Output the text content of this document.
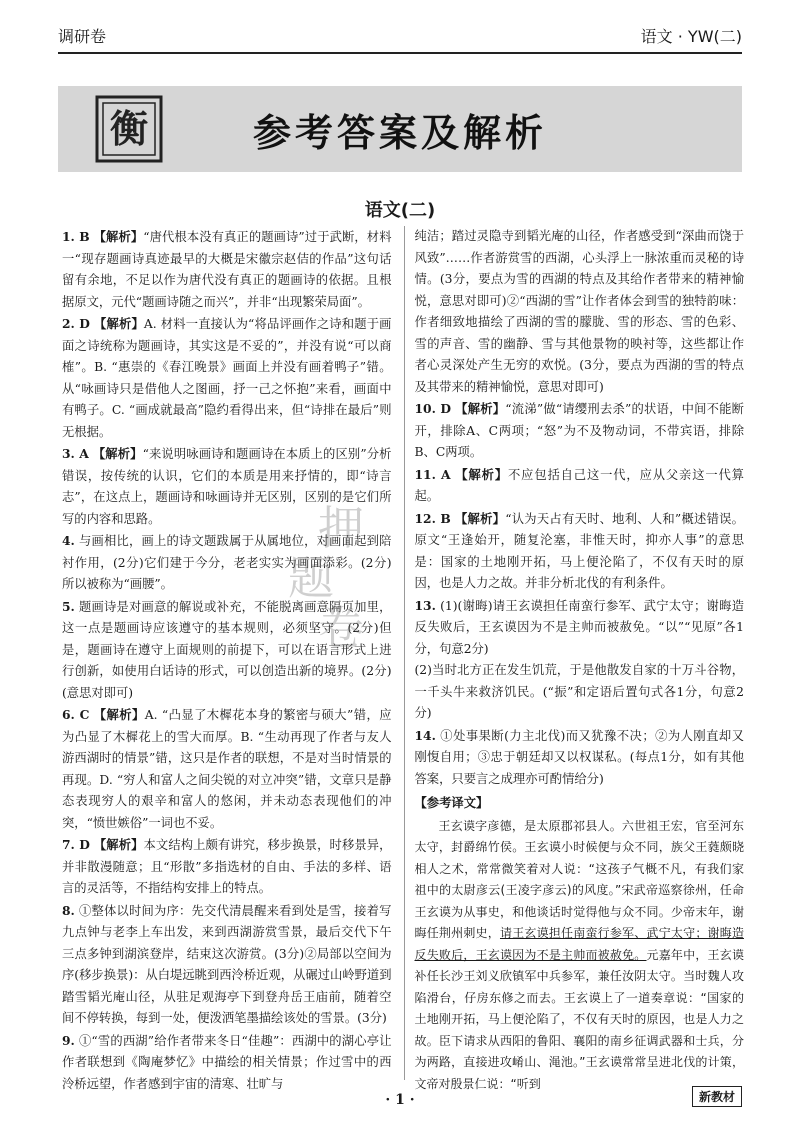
调研卷	语文 · YW(二)
衡	参考答案及解析
语文(二)

1. B 【解析】“唐代根本没有真正的题画诗”过于武断，材料一“现存题画诗真迹最早的大概是宋徽宗赵佶的作品”这句话留有余地，不足以作为唐代没有真正的题画诗的依据。且根据原文，元代“题画诗随之而兴”，并非“出现繁荣局面”。

2. D 【解析】A. 材料一直接认为“将品评画作之诗和题于画面之诗统称为题画诗，其实这是不妥的”，并没有说“可以商榷”。B. “惠崇的《春江晚景》画面上并没有画着鸭子”错。从“咏画诗只是借他人之图画，抒一己之怀抱”来看，画面中有鸭子。C. “画成就最高”隐约看得出来，但“诗排在最后”则无根据。

3. A 【解析】“来说明咏画诗和题画诗在本质上的区别”分析错误，按传统的认识，它们的本质是用来抒情的，即“诗言志”，在这点上，题画诗和咏画诗并无区别，区别的是它们所写的内容和思路。

4. 与画相比，画上的诗文题跋属于从属地位，对画面起到陪衬作用，(2分)它们建于今分，老老实实为画面添彩。(2分)所以被称为“画腰”。

5. 题画诗是对画意的解说或补充，不能脱离画意隔页加里，这一点是题画诗应该遵守的基本规则，必须坚守。(2分)但是，题画诗在遵守上面规则的前提下，可以在语言形式上进行创新，如使用白话诗的形式，可以创造出新的境界。(2分)(意思对即可)

6. C 【解析】A. “凸显了木樨花本身的繁密与硕大”错，应为凸显了木樨花上的雪大而厚。B. “生动再现了作者与友人游西湖时的情景”错，这只是作者的联想，不是对当时情景的再现。D. “穷人和富人之间尖锐的对立冲突”错，文章只是静态表现穷人的艰辛和富人的悠闲，并未动态表现他们的冲突，“愤世嫉俗”一词也不妥。

7. D 【解析】本文结构上颇有讲究，移步换景，时移景异，并非散漫随意；且“形散”多指选材的自由、手法的多样、语言的灵活等，不指结构安排上的特点。

8. ①整体以时间为序：先交代清晨醒来看到处是雪，接着写九点钟与老李上车出发，来到西湖游赏雪景，最后交代下午三点多钟到湖滨登岸，结束这次游赏。(3分)②局部以空间为序(移步换景)：从白堤远眺到西泠桥近观，从碾过山岭野道到踏雪韬光庵山径，从驻足观海亭下到登舟岳王庙前，随着空间不停转换，每到一处，便泼洒笔墨描绘该处的雪景。(3分)

9. ①“雪的西湖”给作者带来冬日“佳趣”：西湖中的湖心亭让作者联想到《陶庵梦忆》中描绘的相关情景；作过雪中的西泠桥远望，作者感到宇宙的清寒、壮旷与

纯洁；踏过灵隐寺到韬光庵的山径，作者感受到“深曲而饶于风致”……作者游赏雪的西湖，心头浮上一脉浓重而灵秘的诗情。(3分，要点为雪的西湖的特点及其给作者带来的精神愉悦，意思对即可)②“西湖的雪”让作者体会到雪的独特韵味：作者细致地描绘了西湖的雪的朦胧、雪的形态、雪的色彩、雪的声音、雪的幽静、雪与其他景物的映衬等，这些都让作者心灵深处产生无穷的欢悦。(3分，要点为西湖的雪的特点及其带来的精神愉悦，意思对即可)

10. D 【解析】“流涕”做“请缨刑去杀”的状语，中间不能断开，排除A、C两项；“怒”为不及物动词，不带宾语，排除B、C两项。

11. A 【解析】不应包括自己这一代，应从父亲这一代算起。

12. B 【解析】“认为天占有天时、地利、人和”概述错误。原文“王逢始开，随复沦塞，非惟天时，抑亦人事”的意思是：国家的土地刚开拓，马上便沦陷了，不仅有天时的原因，也是人力之故。并非分析北伐的有利条件。

13. (1)(谢晦)请王玄谟担任南蛮行参军、武宁太守；谢晦造反失败后，王玄谟因为不是主帅而被赦免。“以”“见原”各1分，句意2分)

(2)当时北方正在发生饥荒，于是他散发自家的十万斗谷物，一千头牛来救济饥民。(“振”和定语后置句式各1分，句意2分)

14. ①处事果断(力主北伐)而又犹豫不决；②为人刚直却又刚愎自用；③忠于朝廷却又以权谋私。(每点1分，如有其他答案，只要言之成理亦可酌情给分)

【参考译文】

王玄谟字彦德，是太原郡祁县人。六世祖王宏，官至河东太守，封爵绵竹侯。王玄谟小时候便与众不同，族父王蕤颇晓相人之术，常常微笑着对人说：“这孩子气概不凡，有我们家祖中的太尉彦云(王凌字彦云)的风度。”宋武帝巡察徐州，任命王玄谟为从事史，和他谈话时觉得他与众不同。少帝末年，谢晦任荆州刺史，请王玄谟担任南蛮行参军、武宁太守；谢晦造反失败后，王玄谟因为不是主帅而被赦免。元嘉年中，王玄谟补任长沙王刘义欣镇军中兵参军，兼任汝阴太守。当时魏人攻陷滑台，仔房东修之而去。王玄谟上了一道奏章说：“国家的土地刚开拓，马上便沦陷了，不仅有天时的原因，也是人力之故。臣下请求从西阳的鲁阳、襄阳的南乡征调武器和士兵，分为两路，直接进攻崤山、渑池。”王玄谟常常呈进北伐的计策，文帝对殷景仁说：“听到

押
题
卷
· 1 ·	新教材
